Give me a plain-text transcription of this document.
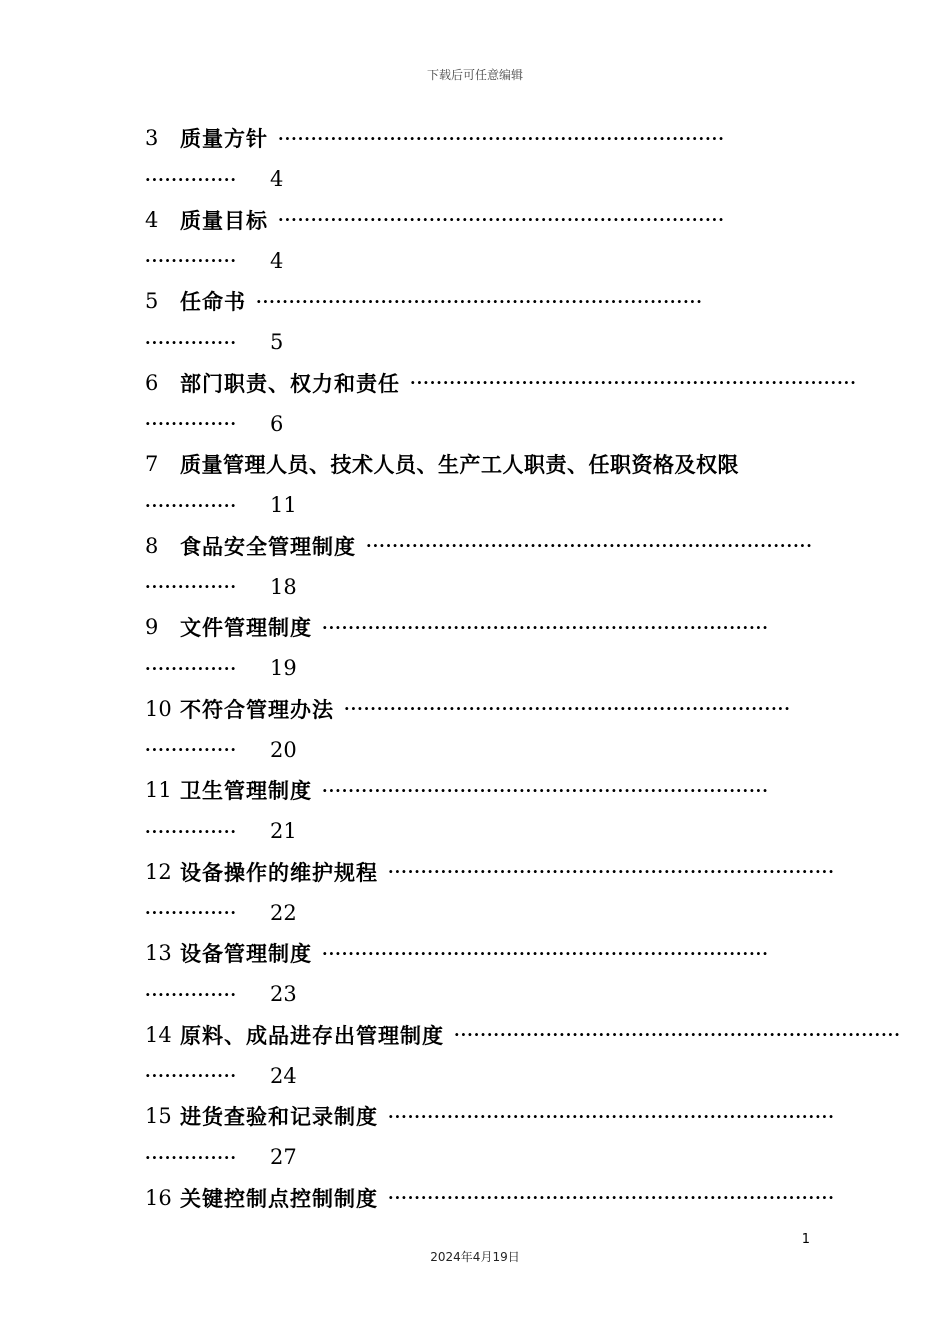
下载后可任意编辑
3	质量方针 ····································································
··············	4
4	质量目标 ····································································
··············	4
5	任命书 ····································································
··············	5
6	部门职责、权力和责任 ····································································
··············	6
7	质量管理人员、技术人员、生产工人职责、任职资格及权限
··············	11
8	食品安全管理制度 ····································································
··············	18
9	文件管理制度 ····································································
··············	19
10 不符合管理办法 ····································································
··············	20
11 卫生管理制度 ····································································
··············	21
12 设备操作的维护规程 ····································································
··············	22
13 设备管理制度 ····································································
··············	23
14 原料、成品进存出管理制度 ····································································
··············	24
15 进货查验和记录制度 ····································································
··············	27
16 关键控制点控制制度 ····································································
1
2024年4月19日
